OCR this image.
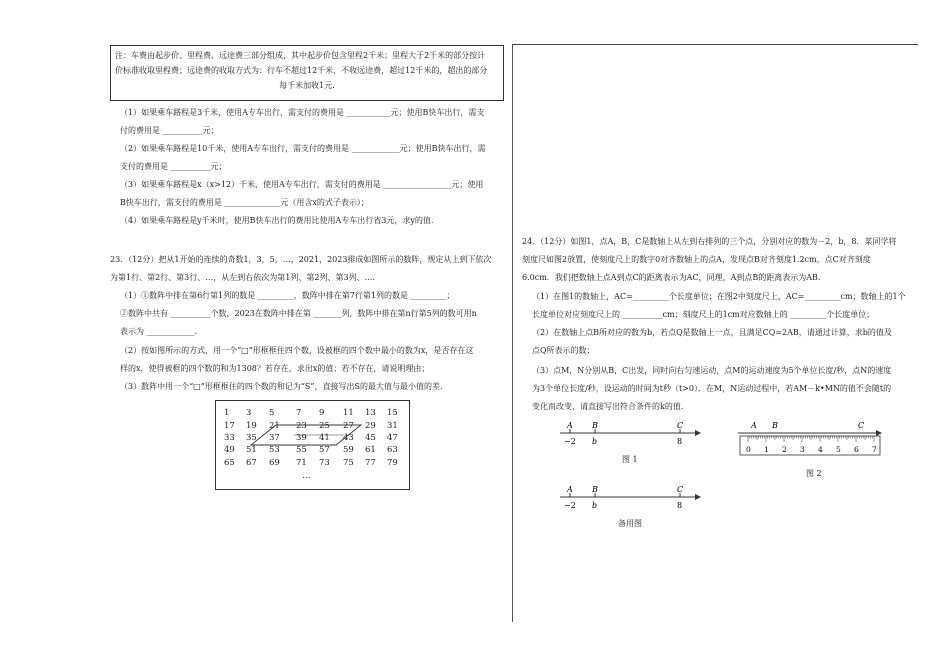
注：车费由起步价、里程费、远途费三部分组成，其中起步价包含里程2千米；里程大于2千米的部分按计
价标准收取里程费；远途费的收取方式为：行车不超过12千米，不收远途费，超过12千米的，超出的部分
每千米加收1元.
（1）如果乘车路程是3千米，使用A专车出行，需支付的费用是 ___________元；使用B快车出行，需支
付的费用是 __________元；
（2）如果乘车路程是10千米，使用A专车出行，需支付的费用是 ____________元；使用B快车出行，需
支付的费用是 __________元；
（3）如果乘车路程是x（x>12）千米，使用A专车出行，需支付的费用是 _________________元；使用
B快车出行，需支付的费用是 ______________元（用含x的式子表示）；
（4）如果乘车路程是y千米时，使用B快车出行的费用比使用A专车出行省3元，求y的值.
23．（12分）把从1开始的连续的奇数1，3，5，…，2021，2023排成如图所示的数阵，规定从上到下依次
为第1行、第2行、第3行、…，从左到右依次为第1列、第2列、第3列、….
（1）①数阵中排在第6行第1列的数是 _________，数阵中排在第7行第1列的数是 _________；
②数阵中共有 __________个数，2023在数阵中排在第 _______列，数阵中排在第n行第5列的数可用n
表示为 ____________.
（2）按如图所示的方式，用一个“□”形框框住四个数，设被框的四个数中最小的数为x，是否存在这
样的x，使得被框的四个数的和为1308？若存在，求出x的值；若不存在，请说明理由；
（3）数阵中用一个“□”形框框住的四个数的和记为“S”，直接写出S的最大值与最小值的差.
1 3 5	7 9 11 13 15
17 19 21 23 25 27 29 31
33 35 37 39 41 43 45 47
49 51 53 55 57 59 61 63
65 67 69 71 73 75 77 79
…
24．（12分）如图1，点A，B，C是数轴上从左到右排列的三个点，分别对应的数为－2，b，8．某同学将
刻度尺如图2放置，使刻度尺上的数字0对齐数轴上的点A，发现点B对齐刻度1.2cm，点C对齐刻度
6.0cm．我们把数轴上点A到点C的距离表示为AC，同理，A到点B的距离表示为AB.
（1）在图1的数轴上，AC=_________个长度单位；在图2中刻度尺上，AC=_________cm；数轴上的1个
长度单位对应刻度尺上的 __________cm；刻度尺上的1cm对应数轴上的 _________个长度单位；
（2）在数轴上点B所对应的数为b，若点Q是数轴上一点，且满足CQ=2AB，请通过计算，求b的值及
点Q所表示的数；
（3）点M，N分别从B，C出发，同时向右匀速运动，点M的运动速度为5个单位长度/秒，点N的速度
为3个单位长度/秒，设运动的时间为t秒（t>0）．在M，N运动过程中，若AM－k•MN的值不会随t的
变化而改变，请直接写出符合条件的k的值.
A B	C
−2 b	8
图 1
0 1 2 3 4 5 6 7
A B	C
图 2
A B	C
−2 b	8
备用图
